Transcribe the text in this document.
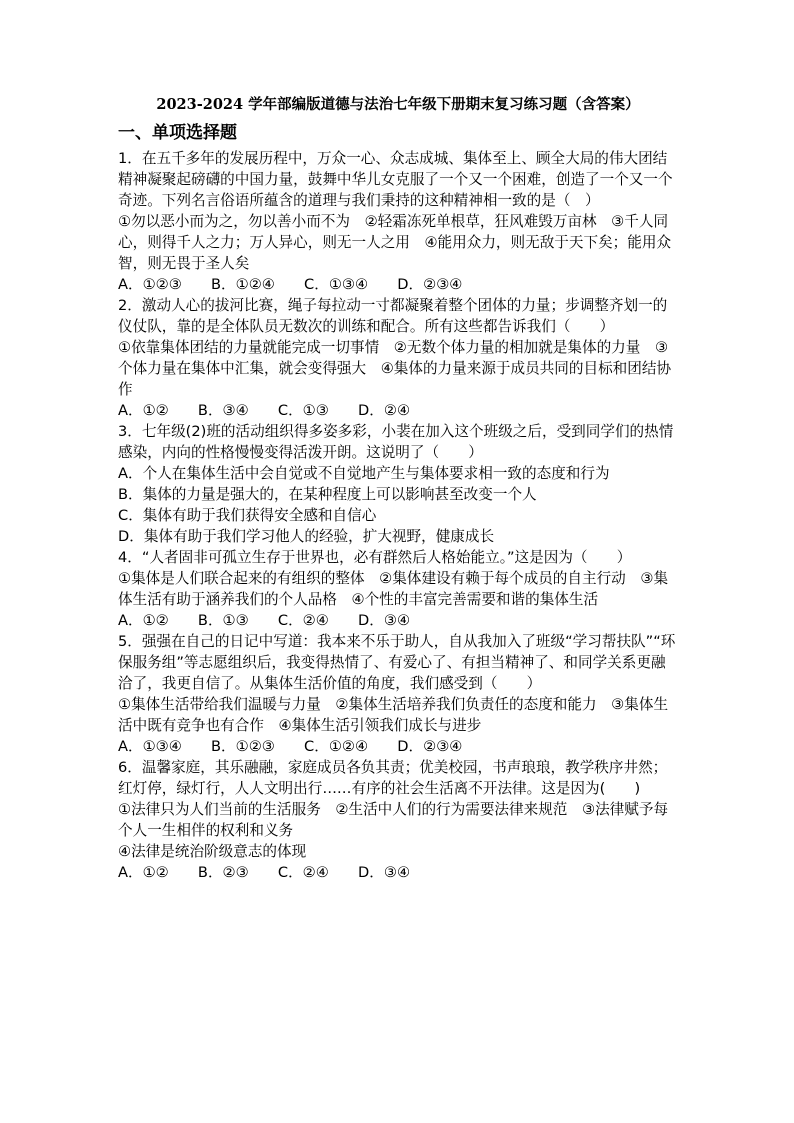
2023-2024 学年部编版道德与法治七年级下册期末复习练习题（含答案）
一、单项选择题

1．在五千多年的发展历程中，万众一心、众志成城、集体至上、顾全大局的伟大团结精神凝聚起磅礴的中国力量，鼓舞中华儿女克服了一个又一个困难，创造了一个又一个奇迹。下列名言俗语所蕴含的道理与我们秉持的这种精神相一致的是（　）

①勿以恶小而为之，勿以善小而不为　②轻霜冻死单根草，狂风难毁万亩林　③千人同心，则得千人之力；万人异心，则无一人之用　④能用众力，则无敌于天下矣；能用众智，则无畏于圣人矣

A．①②③　　B．①②④　　C．①③④　　D．②③④

2．激动人心的拔河比赛，绳子每拉动一寸都凝聚着整个团体的力量；步调整齐划一的仪仗队，靠的是全体队员无数次的训练和配合。所有这些都告诉我们（　　）

①依靠集体团结的力量就能完成一切事情　②无数个体力量的相加就是集体的力量　③个体力量在集体中汇集，就会变得强大　④集体的力量来源于成员共同的目标和团结协作

A．①②　　B．③④　　C．①③　　D．②④

3．七年级(2)班的活动组织得多姿多彩，小裴在加入这个班级之后，受到同学们的热情感染，内向的性格慢慢变得活泼开朗。这说明了（　　）

A．个人在集体生活中会自觉或不自觉地产生与集体要求相一致的态度和行为

B．集体的力量是强大的，在某种程度上可以影响甚至改变一个人

C．集体有助于我们获得安全感和自信心

D．集体有助于我们学习他人的经验，扩大视野，健康成长

4．“人者固非可孤立生存于世界也，必有群然后人格始能立。”这是因为（　　）

①集体是人们联合起来的有组织的整体　②集体建设有赖于每个成员的自主行动　③集体生活有助于涵养我们的个人品格　④个性的丰富完善需要和谐的集体生活

A．①②　　B．①③　　C．②④　　D．③④

5．强强在自己的日记中写道：我本来不乐于助人，自从我加入了班级“学习帮扶队”“环保服务组”等志愿组织后，我变得热情了、有爱心了、有担当精神了、和同学关系更融洽了，我更自信了。从集体生活价值的角度，我们感受到（　　）

①集体生活带给我们温暖与力量　②集体生活培养我们负责任的态度和能力　③集体生活中既有竞争也有合作　④集体生活引领我们成长与进步

A．①③④　　B．①②③　　C．①②④　　D．②③④

6．温馨家庭，其乐融融，家庭成员各负其责；优美校园，书声琅琅，教学秩序井然；红灯停，绿灯行，人人文明出行……有序的社会生活离不开法律。这是因为(　　)

①法律只为人们当前的生活服务　②生活中人们的行为需要法律来规范　③法律赋予每个人一生相伴的权利和义务

④法律是统治阶级意志的体现

A．①②　　B．②③　　C．②④　　D．③④
